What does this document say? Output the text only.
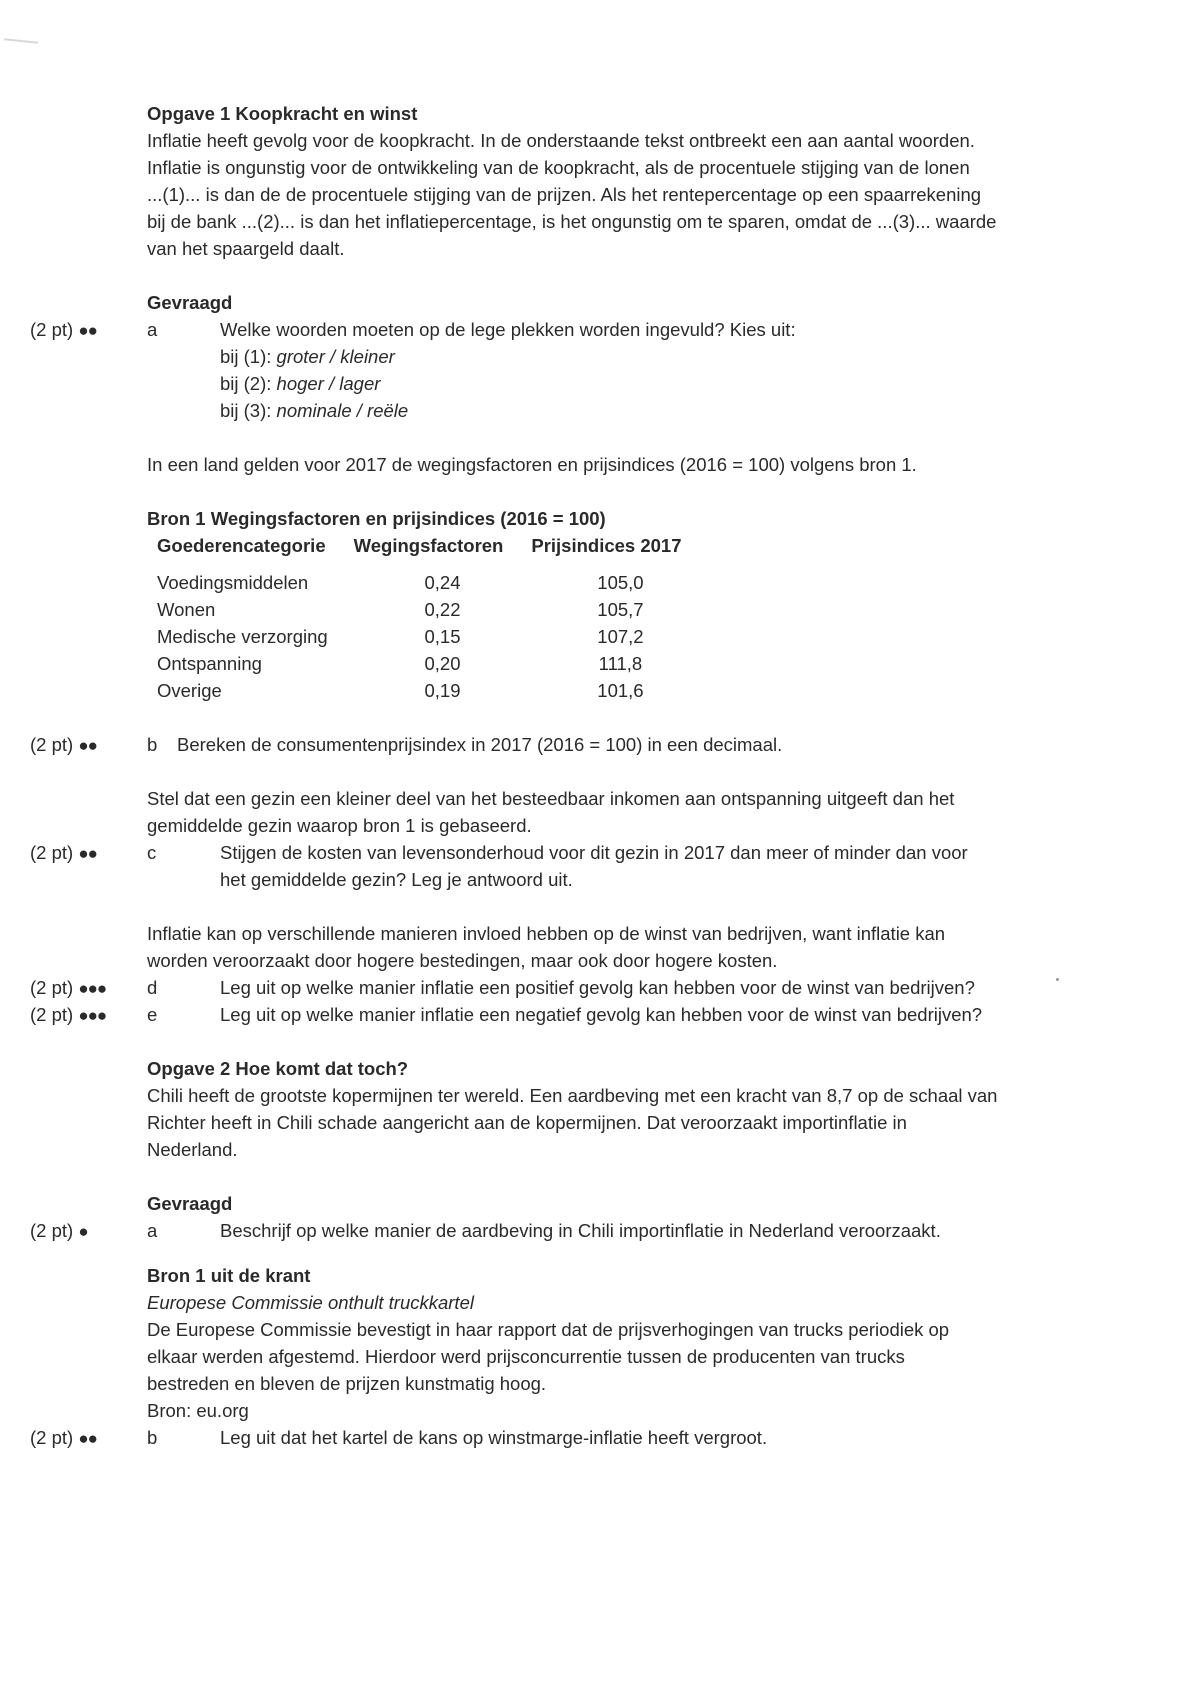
Opgave 1 Koopkracht en winst

Inflatie heeft gevolg voor de koopkracht. In de onderstaande tekst ontbreekt een aan aantal woorden.

Inflatie is ongunstig voor de ontwikkeling van de koopkracht, als de procentuele stijging van de lonen

...(1)... is dan de de procentuele stijging van de prijzen. Als het rentepercentage op een spaarrekening

bij de bank ...(2)... is dan het inflatiepercentage, is het ongunstig om te sparen, omdat de ...(3)... waarde

van het spaargeld daalt.

Gevraagd
(2 pt) ●●	a	Welke woorden moeten op de lege plekken worden ingevuld? Kies uit:
bij (1): groter / kleiner
bij (2): hoger / lager
bij (3): nominale / reële

In een land gelden voor 2017 de wegingsfactoren en prijsindices (2016 = 100) volgens bron 1.

Bron 1 Wegingsfactoren en prijsindices (2016 = 100)
Goederencategorie	Wegingsfactoren	Prijsindices 2017
Voedingsmiddelen	0,24	105,0
Wonen	0,22	105,7
Medische verzorging	0,15	107,2
Ontspanning	0,20	111,8
Overige	0,19	101,6
(2 pt) ●●	b Bereken de consumentenprijsindex in 2017 (2016 = 100) in een decimaal.

Stel dat een gezin een kleiner deel van het besteedbaar inkomen aan ontspanning uitgeeft dan het

gemiddelde gezin waarop bron 1 is gebaseerd.

(2 pt) ●●	c	Stijgen de kosten van levensonderhoud voor dit gezin in 2017 dan meer of minder dan voor
het gemiddelde gezin? Leg je antwoord uit.

Inflatie kan op verschillende manieren invloed hebben op de winst van bedrijven, want inflatie kan

worden veroorzaakt door hogere bestedingen, maar ook door hogere kosten.

(2 pt) ●●● d	Leg uit op welke manier inflatie een positief gevolg kan hebben voor de winst van bedrijven?
(2 pt) ●●● e	Leg uit op welke manier inflatie een negatief gevolg kan hebben voor de winst van bedrijven?
Opgave 2 Hoe komt dat toch?

Chili heeft de grootste kopermijnen ter wereld. Een aardbeving met een kracht van 8,7 op de schaal van

Richter heeft in Chili schade aangericht aan de kopermijnen. Dat veroorzaakt importinflatie in

Nederland.

Gevraagd
(2 pt) ●	a	Beschrijf op welke manier de aardbeving in Chili importinflatie in Nederland veroorzaakt.
Bron 1 uit de krant
Europese Commissie onthult truckkartel

De Europese Commissie bevestigt in haar rapport dat de prijsverhogingen van trucks periodiek op

elkaar werden afgestemd. Hierdoor werd prijsconcurrentie tussen de producenten van trucks

bestreden en bleven de prijzen kunstmatig hoog.

Bron: eu.org

(2 pt) ●●	b	Leg uit dat het kartel de kans op winstmarge-inflatie heeft vergroot.
